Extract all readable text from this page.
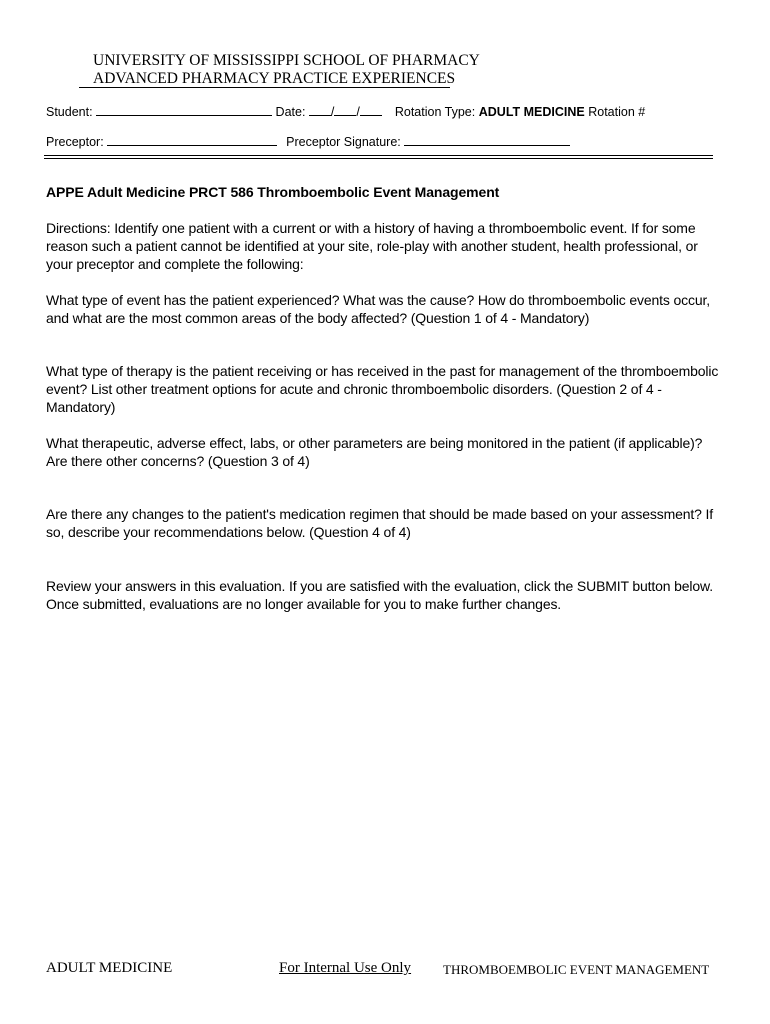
UNIVERSITY OF MISSISSIPPI SCHOOL OF PHARMACY
ADVANCED PHARMACY PRACTICE EXPERIENCES
Student:	Date: / /	Rotation Type: ADULT MEDICINE Rotation #
Preceptor:	Preceptor Signature:
APPE Adult Medicine PRCT 586 Thromboembolic Event Management
Directions: Identify one patient with a current or with a history of having a thromboembolic event. If for some reason such a patient cannot be identified at your site, role-play with another student, health professional, or your preceptor and complete the following:
What type of event has the patient experienced? What was the cause? How do thromboembolic events occur, and what are the most common areas of the body affected? (Question 1 of 4 - Mandatory)
What type of therapy is the patient receiving or has received in the past for management of the thromboembolic event? List other treatment options for acute and chronic thromboembolic disorders. (Question 2 of 4 - Mandatory)
What therapeutic, adverse effect, labs, or other parameters are being monitored in the patient (if applicable)? Are there other concerns? (Question 3 of 4)
Are there any changes to the patient's medication regimen that should be made based on your assessment? If so, describe your recommendations below. (Question 4 of 4)
Review your answers in this evaluation. If you are satisfied with the evaluation, click the SUBMIT button below. Once submitted, evaluations are no longer available for you to make further changes.
ADULT MEDICINE	For Internal Use Only THROMBOEMBOLIC EVENT MANAGEMENT
